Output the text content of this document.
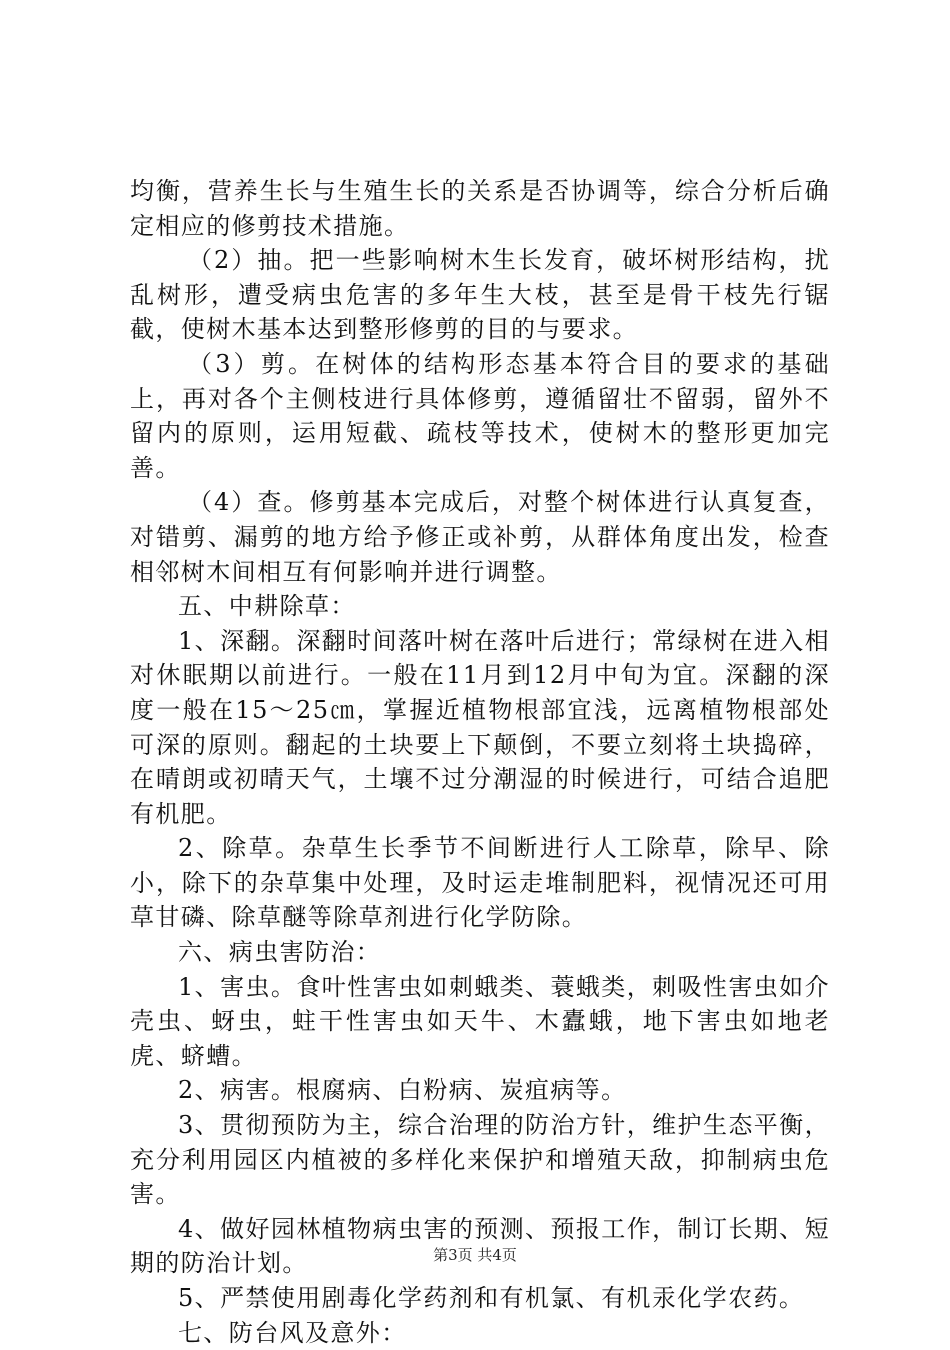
均衡，营养生长与生殖生长的关系是否协调等，综合分析后确定相应的修剪技术措施。

（2）抽。把一些影响树木生长发育，破坏树形结构，扰乱树形，遭受病虫危害的多年生大枝，甚至是骨干枝先行锯截，使树木基本达到整形修剪的目的与要求。

（3）剪。在树体的结构形态基本符合目的要求的基础上，再对各个主侧枝进行具体修剪，遵循留壮不留弱，留外不留内的原则，运用短截、疏枝等技术，使树木的整形更加完善。

（4）查。修剪基本完成后，对整个树体进行认真复查，对错剪、漏剪的地方给予修正或补剪，从群体角度出发，检查相邻树木间相互有何影响并进行调整。

五、中耕除草：

1、深翻。深翻时间落叶树在落叶后进行；常绿树在进入相对休眠期以前进行。一般在11月到12月中旬为宜。深翻的深度一般在15～25㎝，掌握近植物根部宜浅，远离植物根部处可深的原则。翻起的土块要上下颠倒，不要立刻将土块捣碎，在晴朗或初晴天气，土壤不过分潮湿的时候进行，可结合追肥有机肥。

2、除草。杂草生长季节不间断进行人工除草，除早、除小，除下的杂草集中处理，及时运走堆制肥料，视情况还可用草甘磷、除草醚等除草剂进行化学防除。

六、病虫害防治：

1、害虫。食叶性害虫如刺蛾类、蓑蛾类，刺吸性害虫如介壳虫、蚜虫，蛀干性害虫如天牛、木蠹蛾，地下害虫如地老虎、蛴螬。

2、病害。根腐病、白粉病、炭疽病等。

3、贯彻预防为主，综合治理的防治方针，维护生态平衡，充分利用园区内植被的多样化来保护和增殖天敌，抑制病虫危害。

4、做好园林植物病虫害的预测、预报工作，制订长期、短期的防治计划。

5、严禁使用剧毒化学药剂和有机氯、有机汞化学农药。

七、防台风及意外：

第3页 共4页
